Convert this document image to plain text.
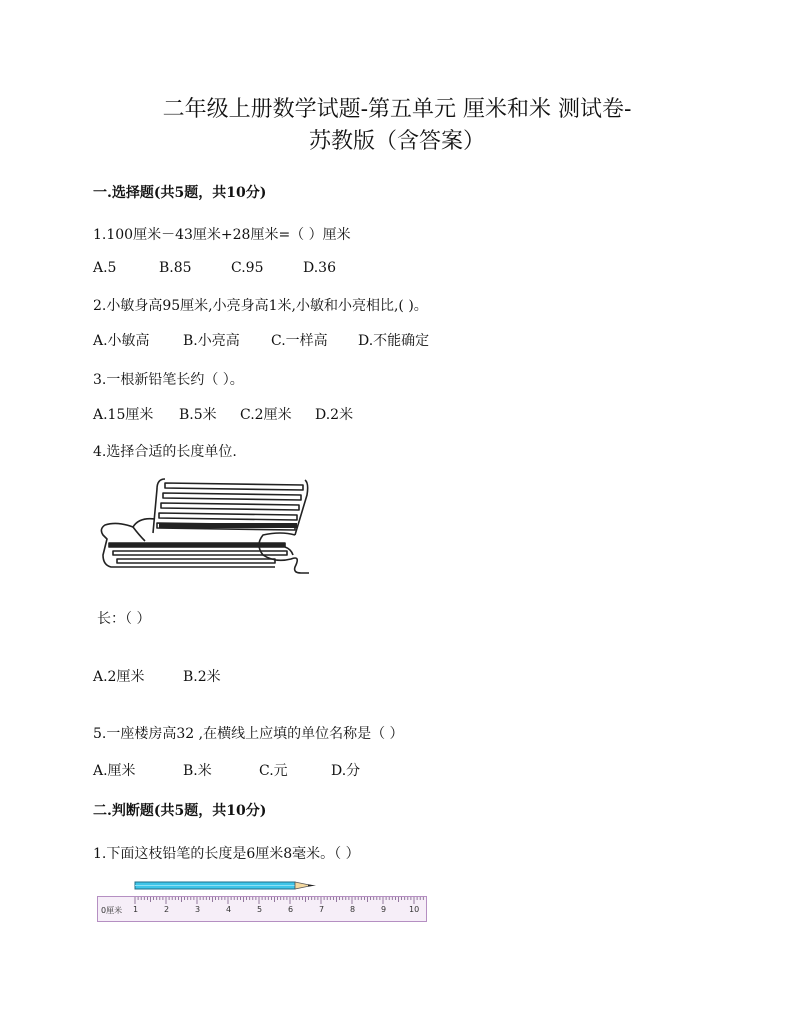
二年级上册数学试题-第五单元 厘米和米 测试卷-
苏教版（含答案）
一.选择题(共5题，共10分)
1.100厘米－43厘米+28厘米=（ ）厘米
A.5	B.85	C.95	D.36
2.小敏身高95厘米,小亮身高1米,小敏和小亮相比,( )。
A.小敏高 B.小亮高 C.一样高 D.不能确定
3.一根新铅笔长约（ ）。
A.15厘米 B.5米 C.2厘米 D.2米
4.选择合适的长度单位.
长：（ ）
A.2厘米	B.2米
5.一座楼房高32 ,在横线上应填的单位名称是（ ）
A.厘米	B.米	C.元	D.分
二.判断题(共5题，共10分)
1.下面这枝铅笔的长度是6厘米8毫米。（ ）
0厘米 1	2	3	4	5	6	7	8	9	10
